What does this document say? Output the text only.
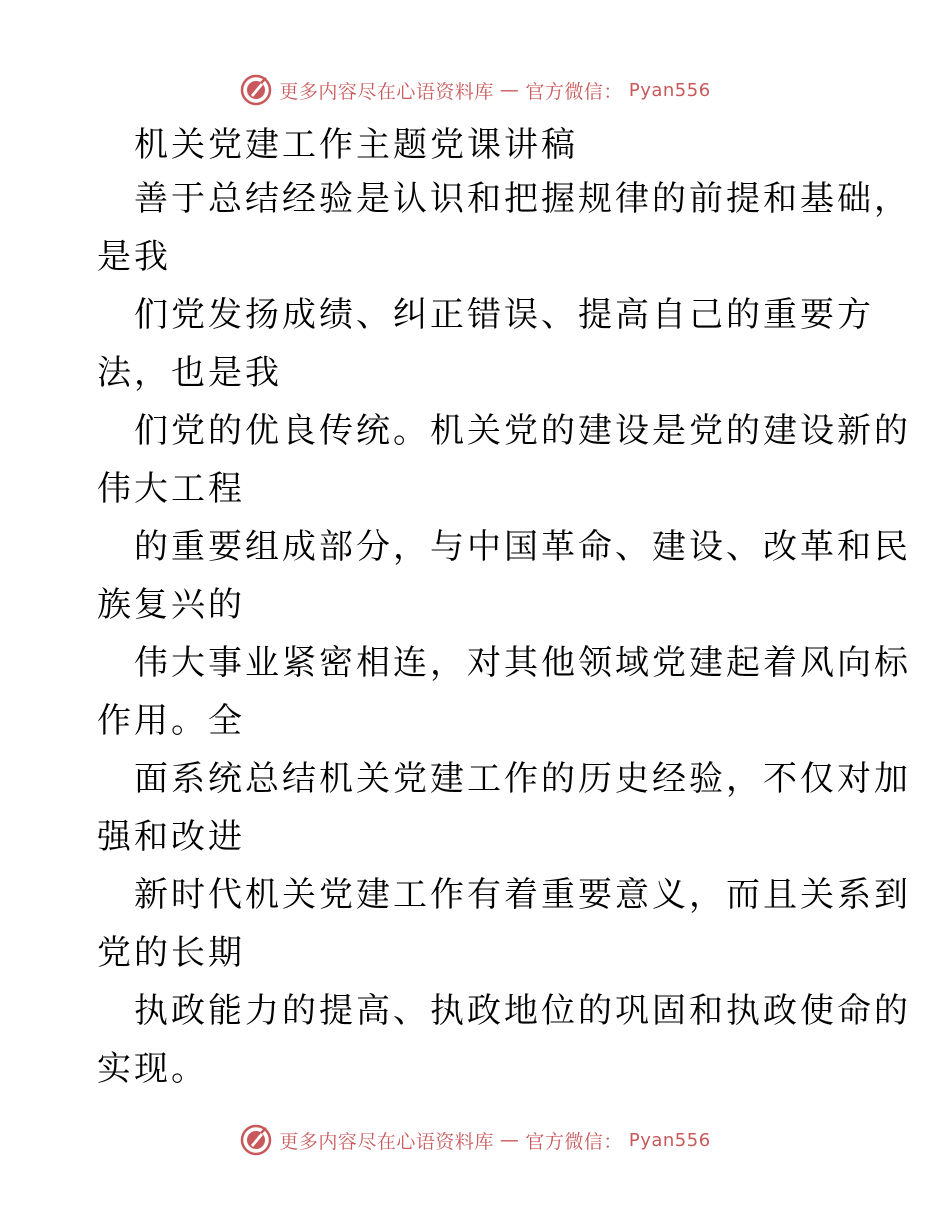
更多内容尽在心语资料库 — 官方微信： Pyan556
机关党建工作主题党课讲稿
善于总结经验是认识和把握规律的前提和基础，
是我
们党发扬成绩、纠正错误、提高自己的重要方
法，也是我
们党的优良传统。机关党的建设是党的建设新的
伟大工程
的重要组成部分，与中国革命、建设、改革和民
族复兴的
伟大事业紧密相连，对其他领域党建起着风向标
作用。全
面系统总结机关党建工作的历史经验，不仅对加
强和改进
新时代机关党建工作有着重要意义，而且关系到
党的长期
执政能力的提高、执政地位的巩固和执政使命的
实现。
更多内容尽在心语资料库 — 官方微信： Pyan556
